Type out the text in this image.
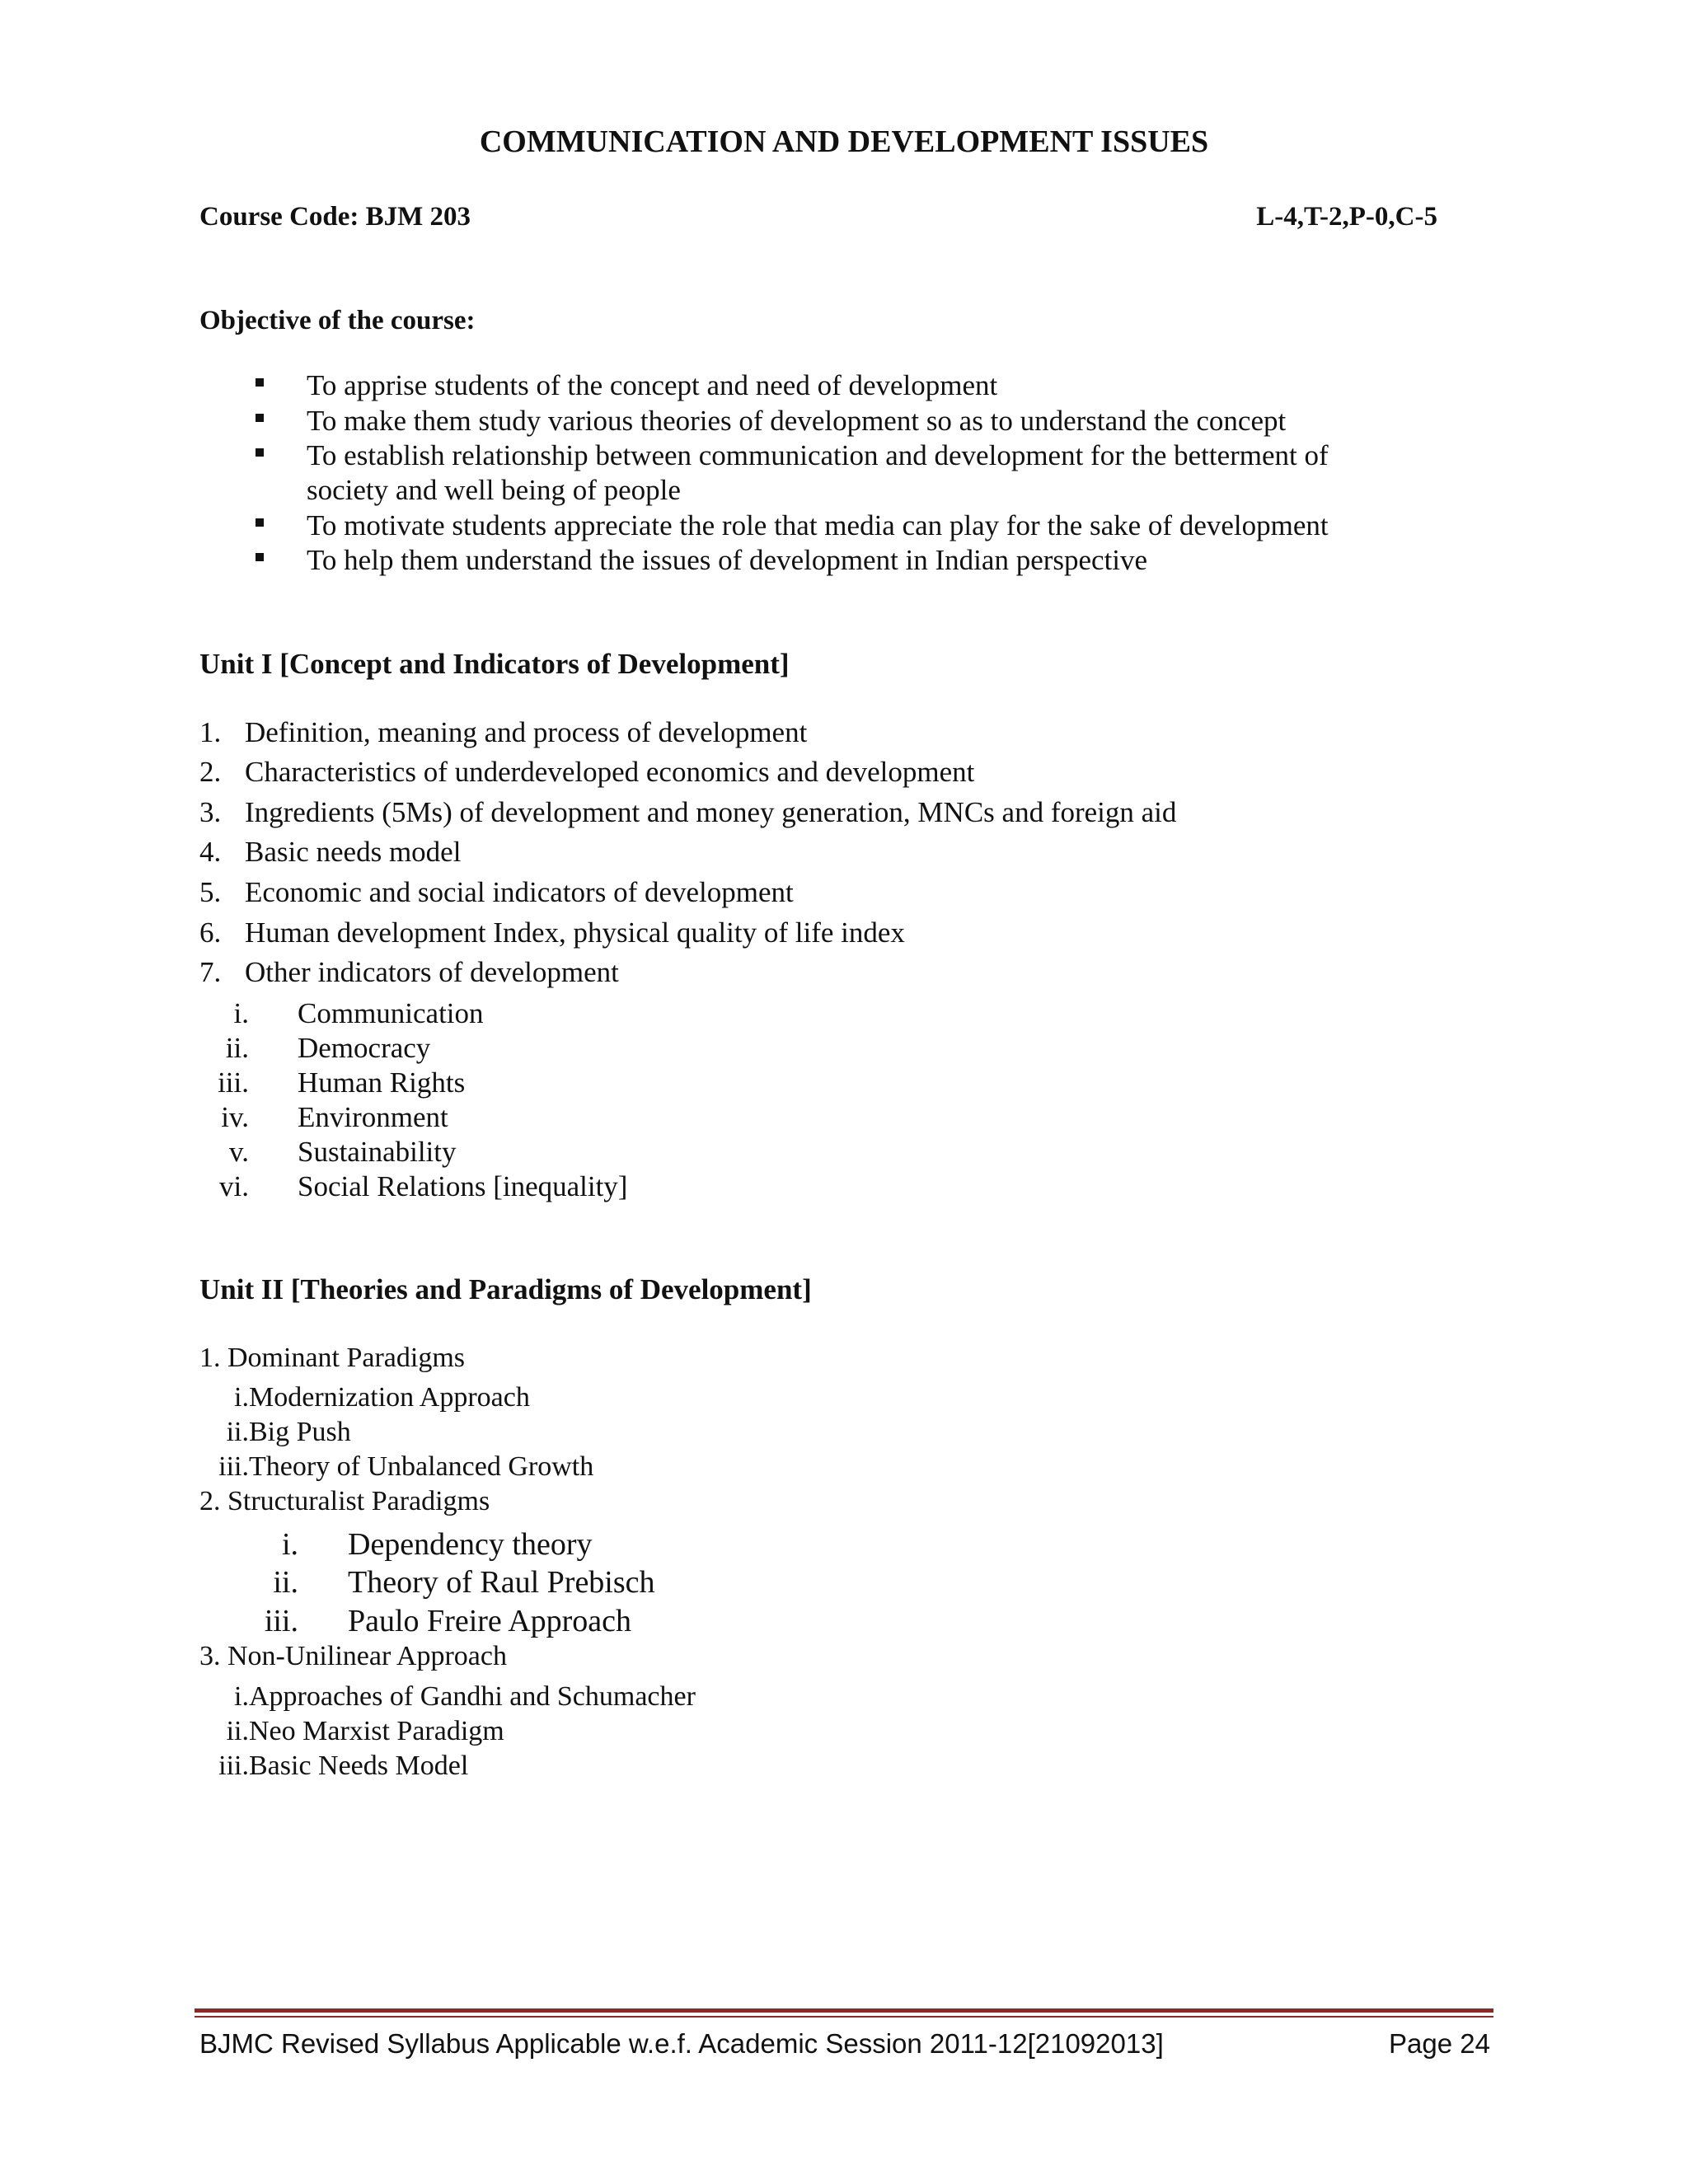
COMMUNICATION AND DEVELOPMENT ISSUES
Course Code: BJM 203	L-4,T-2,P-0,C-5
Objective of the course:
To apprise students of the concept and need of development
To make them study various theories of development so as to understand the concept
To establish relationship between communication and development for the betterment of
society and well being of people
To motivate students appreciate the role that media can play for the sake of development
To help them understand the issues of development in Indian perspective
Unit I [Concept and Indicators of Development]
1. Definition, meaning and process of development
2. Characteristics of underdeveloped economics and development
3. Ingredients (5Ms) of development and money generation, MNCs and foreign aid
4. Basic needs model
5. Economic and social indicators of development
6. Human development Index, physical quality of life index
7. Other indicators of development
i. Communication
ii. Democracy
iii. Human Rights
iv. Environment
v. Sustainability
vi. Social Relations [inequality]
Unit II [Theories and Paradigms of Development]
1. Dominant Paradigms
i. Modernization Approach
ii. Big Push
iii. Theory of Unbalanced Growth
2. Structuralist Paradigms
i. Dependency theory
ii. Theory of Raul Prebisch
iii. Paulo Freire Approach
3. Non-Unilinear Approach
i. Approaches of Gandhi and Schumacher
ii. Neo Marxist Paradigm
iii. Basic Needs Model
BJMC Revised Syllabus Applicable w.e.f. Academic Session 2011-12[21092013]	Page 24
